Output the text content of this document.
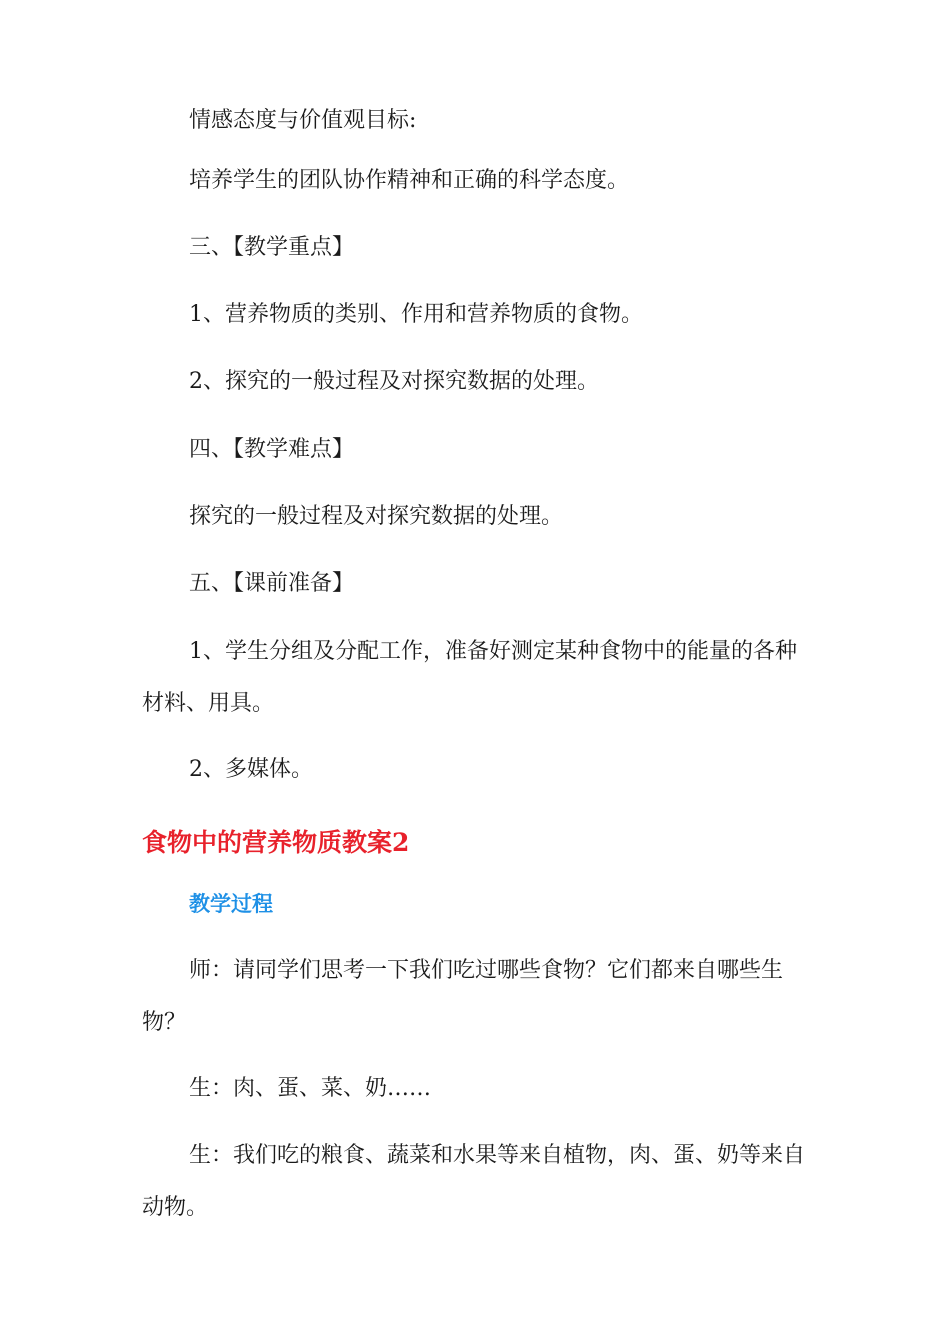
情感态度与价值观目标:

培养学生的团队协作精神和正确的科学态度。

三、【教学重点】

1、营养物质的类别、作用和营养物质的食物。

2、探究的一般过程及对探究数据的处理。

四、【教学难点】

探究的一般过程及对探究数据的处理。

五、【课前准备】

1、学生分组及分配工作，准备好测定某种食物中的能量的各种材料、用具。

2、多媒体。

食物中的营养物质教案2
教学过程

师：请同学们思考一下我们吃过哪些食物？它们都来自哪些生物？

生：肉、蛋、菜、奶……

生：我们吃的粮食、蔬菜和水果等来自植物，肉、蛋、奶等来自动物。
